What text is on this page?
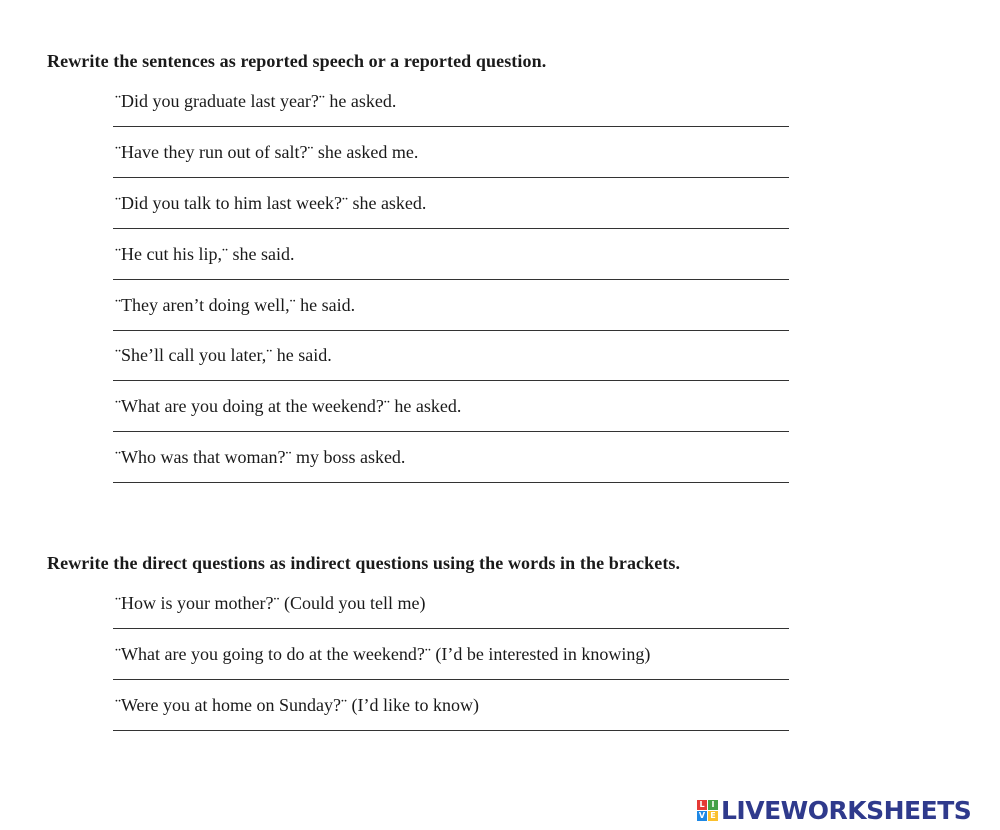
Rewrite the sentences as reported speech or a reported question.
¨Did you graduate last year?¨ he asked.
¨Have they run out of salt?¨ she asked me.
¨Did you talk to him last week?¨ she asked.
¨He cut his lip,¨ she said.
¨They aren’t doing well,¨ he said.
¨She’ll call you later,¨ he said.
¨What are you doing at the weekend?¨ he asked.
¨Who was that woman?¨ my boss asked.
Rewrite the direct questions as indirect questions using the words in the brackets.
¨How is your mother?¨ (Could you tell me)
¨What are you going to do at the weekend?¨ (I’d be interested in knowing)
¨Were you at home on Sunday?¨ (I’d like to know)
L I
V E LIVEWORKSHEETS
